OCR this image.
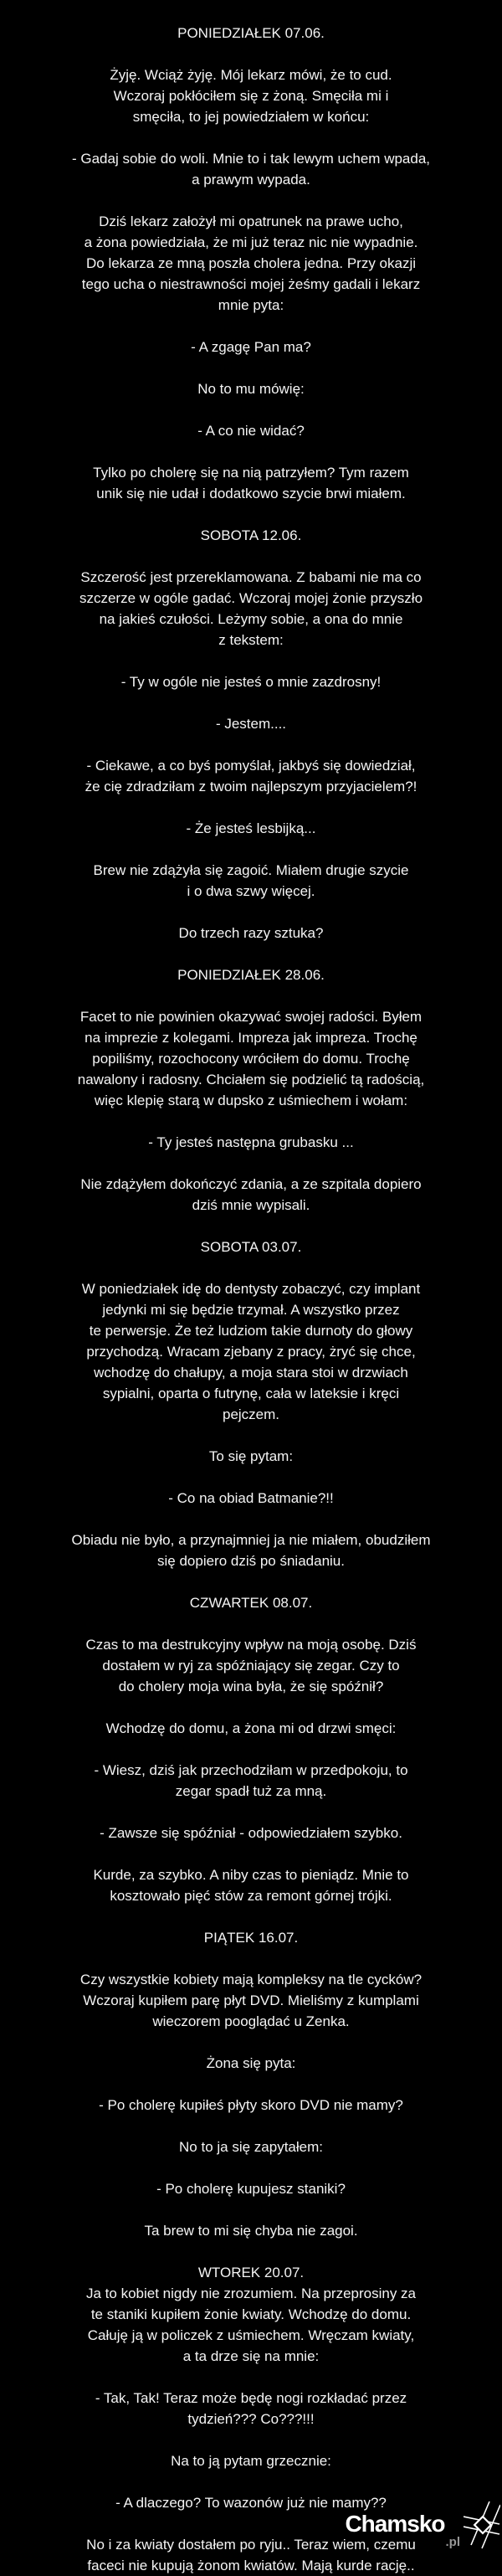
PONIEDZIAŁEK 07.06.

Żyję. Wciąż żyję. Mój lekarz mówi, że to cud.
Wczoraj pokłóciłem się z żoną. Smęciła mi i
smęciła, to jej powiedziałem w końcu:

- Gadaj sobie do woli. Mnie to i tak lewym uchem wpada,
a prawym wypada.

Dziś lekarz założył mi opatrunek na prawe ucho,
a żona powiedziała, że mi już teraz nic nie wypadnie.
Do lekarza ze mną poszła cholera jedna. Przy okazji
tego ucha o niestrawności mojej żeśmy gadali i lekarz
mnie pyta:

- A zgagę Pan ma?

No to mu mówię:

- A co nie widać?

Tylko po cholerę się na nią patrzyłem? Tym razem
unik się nie udał i dodatkowo szycie brwi miałem.

SOBOTA 12.06.

Szczerość jest przereklamowana. Z babami nie ma co
szczerze w ogóle gadać. Wczoraj mojej żonie przyszło
na jakieś czułości. Leżymy sobie, a ona do mnie
z tekstem:

- Ty w ogóle nie jesteś o mnie zazdrosny!

- Jestem....

- Ciekawe, a co byś pomyślał, jakbyś się dowiedział,
że cię zdradziłam z twoim najlepszym przyjacielem?!

- Że jesteś lesbijką...

Brew nie zdążyła się zagoić. Miałem drugie szycie
i o dwa szwy więcej.

Do trzech razy sztuka?

PONIEDZIAŁEK 28.06.

Facet to nie powinien okazywać swojej radości. Byłem
na imprezie z kolegami. Impreza jak impreza. Trochę
popiliśmy, rozochocony wróciłem do domu. Trochę
nawalony i radosny. Chciałem się podzielić tą radością,
więc klepię starą w dupsko z uśmiechem i wołam:

- Ty jesteś następna grubasku ...

Nie zdążyłem dokończyć zdania, a ze szpitala dopiero
dziś mnie wypisali.

SOBOTA 03.07.

W poniedziałek idę do dentysty zobaczyć, czy implant
jedynki mi się będzie trzymał. A wszystko przez
te perwersje. Że też ludziom takie durnoty do głowy
przychodzą. Wracam zjebany z pracy, żryć się chce,
wchodzę do chałupy, a moja stara stoi w drzwiach
sypialni, oparta o futrynę, cała w lateksie i kręci
pejczem.

To się pytam:

- Co na obiad Batmanie?!!

Obiadu nie było, a przynajmniej ja nie miałem, obudziłem
się dopiero dziś po śniadaniu.

CZWARTEK 08.07.

Czas to ma destrukcyjny wpływ na moją osobę. Dziś
dostałem w ryj za spóźniający się zegar. Czy to
do cholery moja wina była, że się spóźnił?

Wchodzę do domu, a żona mi od drzwi smęci:

- Wiesz, dziś jak przechodziłam w przedpokoju, to
zegar spadł tuż za mną.

- Zawsze się spóźniał - odpowiedziałem szybko.

Kurde, za szybko. A niby czas to pieniądz. Mnie to
kosztowało pięć stów za remont górnej trójki.

PIĄTEK 16.07.

Czy wszystkie kobiety mają kompleksy na tle cycków?
Wczoraj kupiłem parę płyt DVD. Mieliśmy z kumplami
wieczorem pooglądać u Zenka.

Żona się pyta:

- Po cholerę kupiłeś płyty skoro DVD nie mamy?

No to ja się zapytałem:

- Po cholerę kupujesz staniki?

Ta brew to mi się chyba nie zagoi.

WTOREK 20.07.

Ja to kobiet nigdy nie zrozumiem. Na przeprosiny za
te staniki kupiłem żonie kwiaty. Wchodzę do domu.
Całuję ją w policzek z uśmiechem. Wręczam kwiaty,
a ta drze się na mnie:

- Tak, Tak! Teraz może będę nogi rozkładać przez
tydzień??? Co???!!!

Na to ją pytam grzecznie:

- A dlaczego? To wazonów już nie mamy??

No i za kwiaty dostałem po ryju.. Teraz wiem, czemu
faceci nie kupują żonom kwiatów. Mają kurde rację..

Chamsko
.pl
